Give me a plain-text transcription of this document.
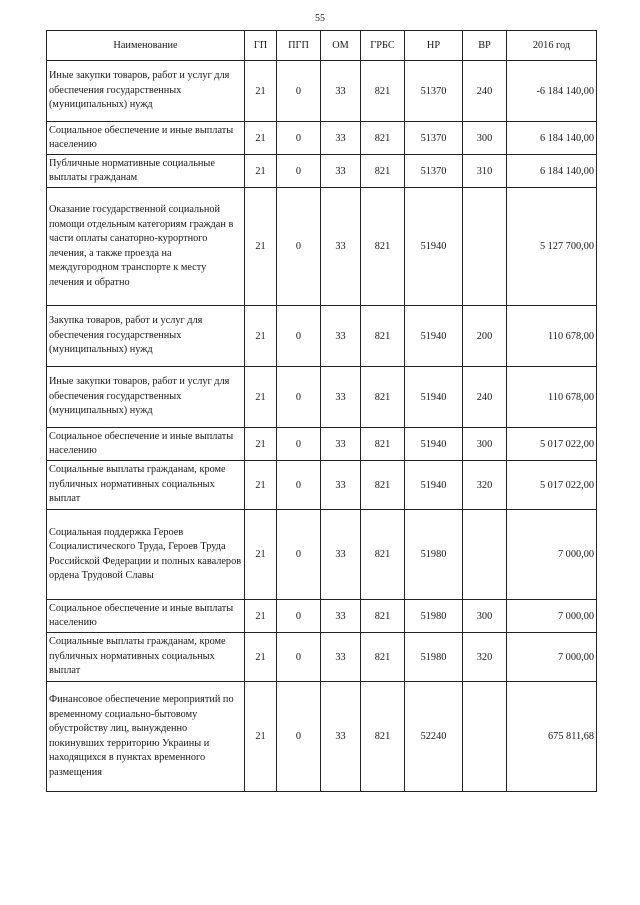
55
Наименование	ГП	ПГП	ОМ	ГРБС	НР	ВР	2016 год
Иные закупки товаров, работ и услуг для обеспечения государственных (муниципальных) нужд	21	0	33	821	51370	240	-6 184 140,00
Социальное обеспечение и иные выплаты населению	21	0	33	821	51370	300	6 184 140,00
Публичные нормативные социальные выплаты гражданам	21	0	33	821	51370	310	6 184 140,00
Оказание государственной социальной помощи отдельным категориям граждан в части оплаты санаторно-курортного лечения, а также проезда на междугородном транспорте к месту лечения и обратно	21	0	33	821	51940		5 127 700,00
Закупка товаров, работ и услуг для обеспечения государственных (муниципальных) нужд	21	0	33	821	51940	200	110 678,00
Иные закупки товаров, работ и услуг для обеспечения государственных (муниципальных) нужд	21	0	33	821	51940	240	110 678,00
Социальное обеспечение и иные выплаты населению	21	0	33	821	51940	300	5 017 022,00
Социальные выплаты гражданам, кроме публичных нормативных социальных выплат	21	0	33	821	51940	320	5 017 022,00
Социальная поддержка Героев Социалистического Труда, Героев Труда Российской Федерации и полных кавалеров ордена Трудовой Славы	21	0	33	821	51980		7 000,00
Социальное обеспечение и иные выплаты населению	21	0	33	821	51980	300	7 000,00
Социальные выплаты гражданам, кроме публичных нормативных социальных выплат	21	0	33	821	51980	320	7 000,00
Финансовое обеспечение мероприятий по временному социально-бытовому обустройству лиц, вынужденно покинувших территорию Украины и находящихся в пунктах временного размещения	21	0	33	821	52240		675 811,68
